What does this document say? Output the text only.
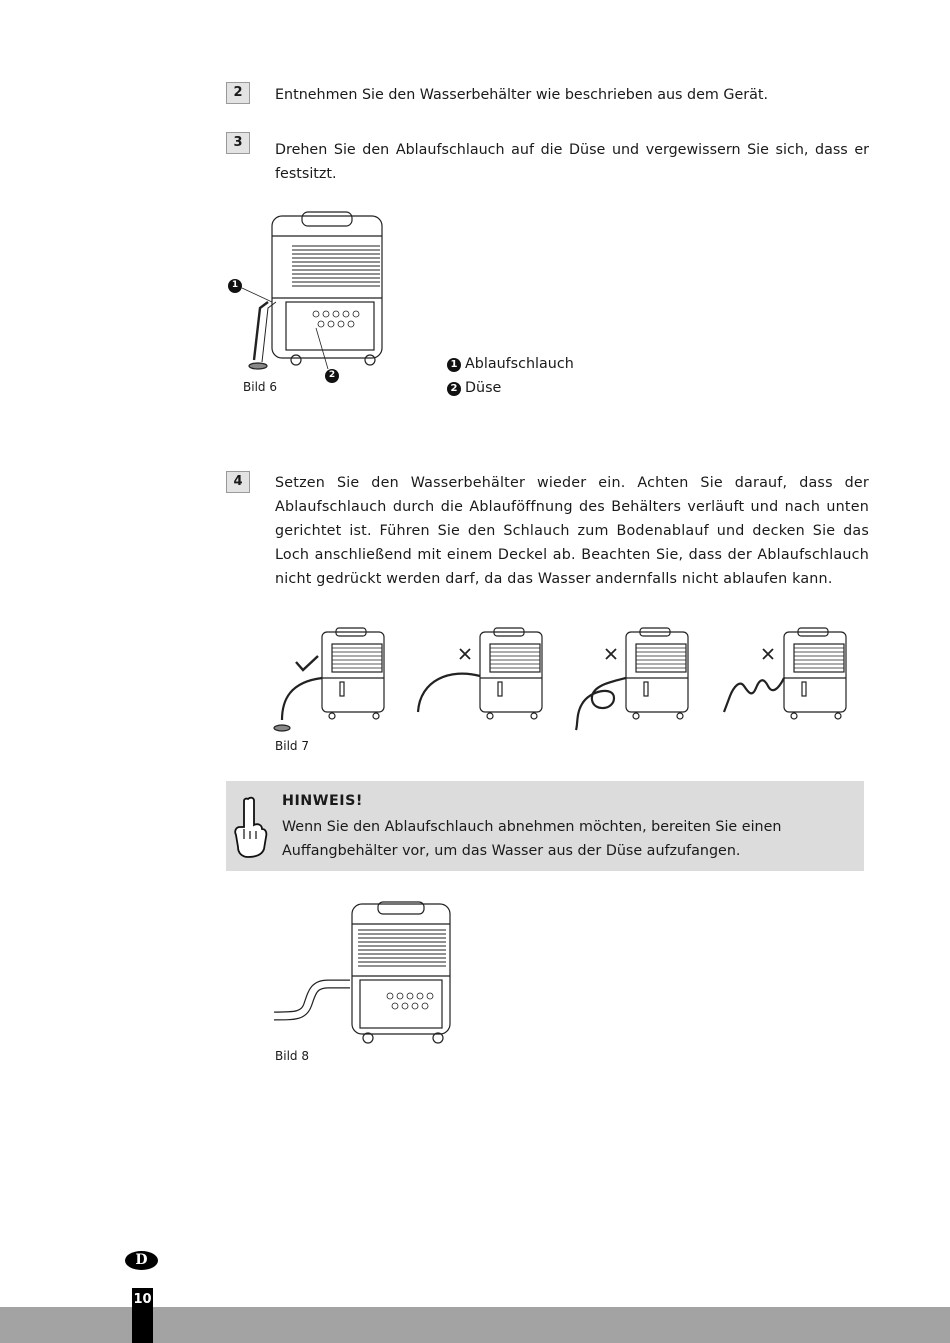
2	Entnehmen Sie den Wasserbehälter wie beschrieben aus dem Gerät.
3	Drehen Sie den Ablaufschlauch auf die Düse und vergewissern Sie sich, dass er festsitzt.
1
2
Bild 6
1 Ablaufschlauch
2 Düse
4	Setzen Sie den Wasserbehälter wieder ein. Achten Sie darauf, dass der Ablaufschlauch durch die Ablauföffnung des Behälters verläuft und nach unten gerichtet ist. Führen Sie den Schlauch zum Bodenablauf und decken Sie das Loch anschließend mit einem Deckel ab. Beachten Sie, dass der Ablaufschlauch nicht gedrückt werden darf, da das Wasser andernfalls nicht ablaufen kann.
Bild 7
HINWEIS!
Wenn Sie den Ablaufschlauch abnehmen möchten, bereiten Sie einen Auffangbehälter vor, um das Wasser aus der Düse aufzufangen.
Bild 8
D
10
